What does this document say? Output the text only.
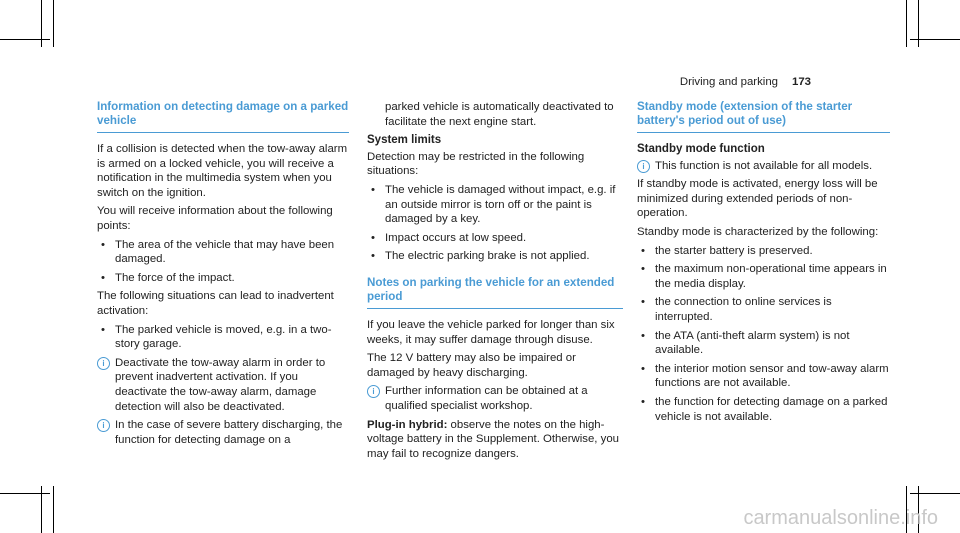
Driving and parking 173
Information on detecting damage on a parked vehicle

If a collision is detected when the tow-away alarm is armed on a locked vehicle, you will receive a notification in the multimedia system when you switch on the ignition.

You will receive information about the following points:

• The area of the vehicle that may have been damaged.
• The force of the impact.

The following situations can lead to inadvertent activation:

• The parked vehicle is moved, e.g. in a two-story garage.
i Deactivate the tow-away alarm in order to prevent inadvertent activation. If you deactivate the tow-away alarm, damage detection will also be deactivated.
i In the case of severe battery discharging, the function for detecting damage on a

parked vehicle is automatically deactivated to facilitate the next engine start.

System limits

Detection may be restricted in the following situations:

• The vehicle is damaged without impact, e.g. if an outside mirror is torn off or the paint is damaged by a key.
• Impact occurs at low speed.
• The electric parking brake is not applied.
Notes on parking the vehicle for an extended period

If you leave the vehicle parked for longer than six weeks, it may suffer damage through disuse.

The 12 V battery may also be impaired or damaged by heavy discharging.

i Further information can be obtained at a qualified specialist workshop.

Plug-in hybrid: observe the notes on the high-voltage battery in the Supplement. Otherwise, you may fail to recognize dangers.

Standby mode (extension of the starter battery's period out of use)
Standby mode function
i This function is not available for all models.

If standby mode is activated, energy loss will be minimized during extended periods of non-operation.

Standby mode is characterized by the following:

• the starter battery is preserved.
• the maximum non-operational time appears in the media display.
• the connection to online services is interrupted.
• the ATA (anti-theft alarm system) is not available.
• the interior motion sensor and tow-away alarm functions are not available.
• the function for detecting damage on a parked vehicle is not available.
carmanualsonline.info
